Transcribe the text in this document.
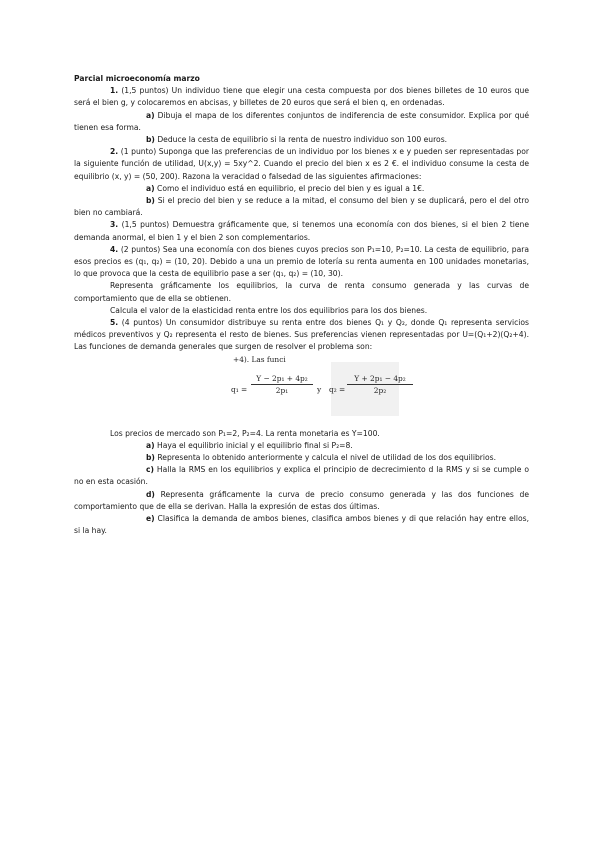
Parcial microeconomía marzo

1. (1,5 puntos) Un individuo tiene que elegir una cesta compuesta por dos bienes billetes de 10 euros que será el bien g, y colocaremos en abcisas, y billetes de 20 euros que será el bien q, en ordenadas.

a) Dibuja el mapa de los diferentes conjuntos de indiferencia de este consumidor. Explica por qué tienen esa forma.

b) Deduce la cesta de equilibrio si la renta de nuestro individuo son 100 euros.

2. (1 punto) Suponga que las preferencias de un individuo por los bienes x e y pueden ser representadas por la siguiente función de utilidad, U(x,y) = 5xy^2. Cuando el precio del bien x es 2 €. el individuo consume la cesta de equilibrio (x, y) = (50, 200). Razona la veracidad o falsedad de las siguientes afirmaciones:

a) Como el individuo está en equilibrio, el precio del bien y es igual a 1€.

b) Si el precio del bien y se reduce a la mitad, el consumo del bien y se duplicará, pero el del otro bien no cambiará.

3. (1,5 puntos) Demuestra gráficamente que, si tenemos una economía con dos bienes, si el bien 2 tiene demanda anormal, el bien 1 y el bien 2 son complementarios.

4. (2 puntos) Sea una economía con dos bienes cuyos precios son P₁=10, P₂=10. La cesta de equilibrio, para esos precios es (q₁, q₂) = (10, 20). Debido a una un premio de lotería su renta aumenta en 100 unidades monetarias, lo que provoca que la cesta de equilibrio pase a ser (q₁, q₂) = (10, 30).

Representa gráficamente los equilibrios, la curva de renta consumo generada y las curvas de comportamiento que de ella se obtienen.

Calcula el valor de la elasticidad renta entre los dos equilibrios para los dos bienes.

5. (4 puntos) Un consumidor distribuye su renta entre dos bienes Q₁ y Q₂, donde Q₁ representa servicios médicos preventivos y Q₂ representa el resto de bienes. Sus preferencias vienen representadas por U=(Q₁+2)(Q₂+4). Las funciones de demanda generales que surgen de resolver el problema son:

+4). Las funci
$q_1 = \frac{\text{Y − 2p₁ + 4p₂}}{\text{2p₁}}$ y $q_2 = \frac{\text{Y + 2p₁ − 4p₂}}{\text{2p₂}}$

Los precios de mercado son P₁=2, P₂=4. La renta monetaria es Y=100.

a) Haya el equilibrio inicial y el equilibrio final si P₂=8.

b) Representa lo obtenido anteriormente y calcula el nivel de utilidad de los dos equilibrios.

c) Halla la RMS en los equilibrios y explica el principio de decrecimiento d la RMS y si se cumple o no en esta ocasión.

d) Representa gráficamente la curva de precio consumo generada y las dos funciones de comportamiento que de ella se derivan. Halla la expresión de estas dos últimas.

e) Clasifica la demanda de ambos bienes, clasifica ambos bienes y di que relación hay entre ellos, si la hay.
